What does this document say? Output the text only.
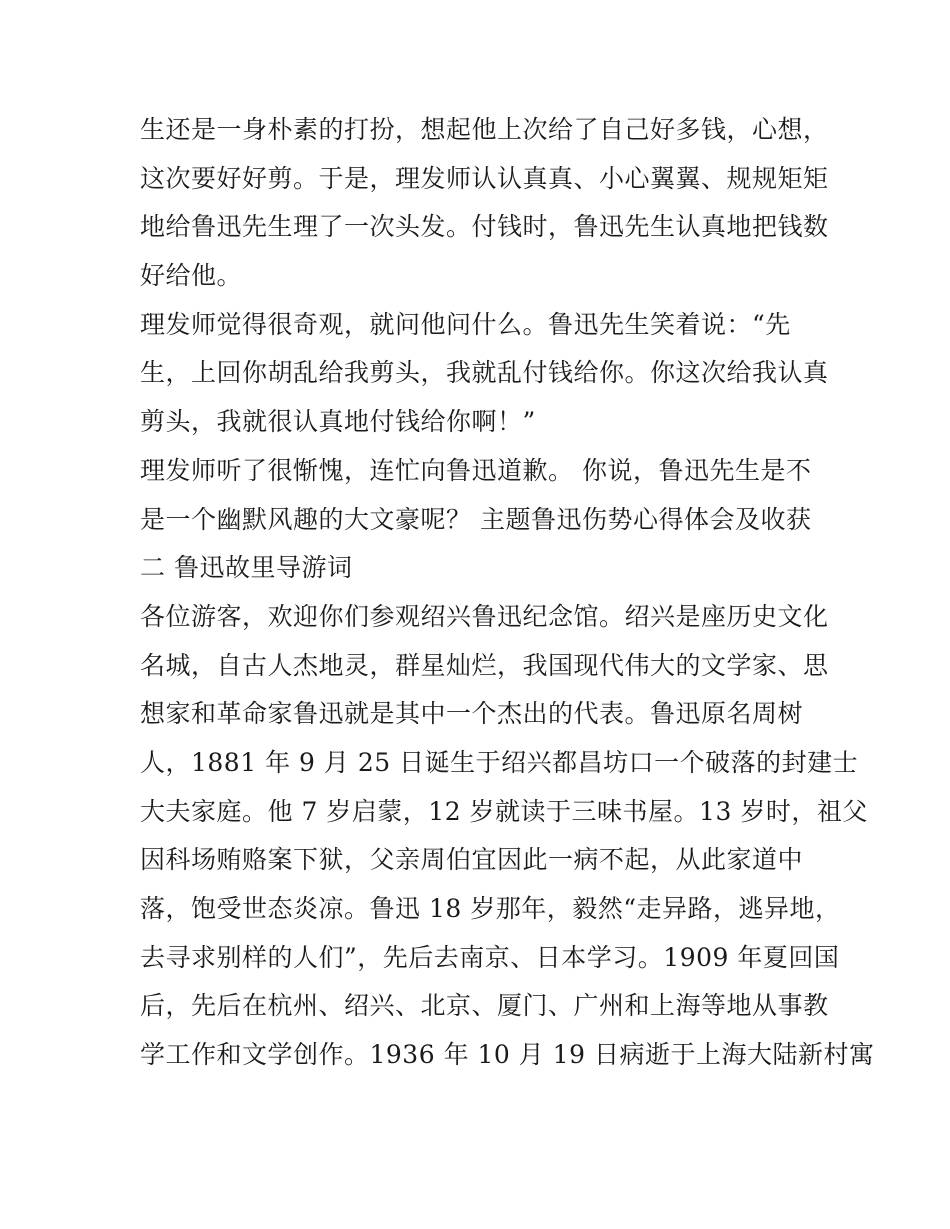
生还是一身朴素的打扮，想起他上次给了自己好多钱，心想，
这次要好好剪。于是，理发师认认真真、小心翼翼、规规矩矩
地给鲁迅先生理了一次头发。付钱时，鲁迅先生认真地把钱数
好给他。
理发师觉得很奇观，就问他问什么。鲁迅先生笑着说：“先
生，上回你胡乱给我剪头，我就乱付钱给你。你这次给我认真
剪头，我就很认真地付钱给你啊！”
理发师听了很惭愧，连忙向鲁迅道歉。 你说，鲁迅先生是不
是一个幽默风趣的大文豪呢？ 主题鲁迅伤势心得体会及收获
二 鲁迅故里导游词
各位游客，欢迎你们参观绍兴鲁迅纪念馆。绍兴是座历史文化
名城，自古人杰地灵，群星灿烂，我国现代伟大的文学家、思
想家和革命家鲁迅就是其中一个杰出的代表。鲁迅原名周树
人，1881 年 9 月 25 日诞生于绍兴都昌坊口一个破落的封建士
大夫家庭。他 7 岁启蒙，12 岁就读于三味书屋。13 岁时，祖父
因科场贿赂案下狱，父亲周伯宜因此一病不起，从此家道中
落，饱受世态炎凉。鲁迅 18 岁那年，毅然“走异路，逃异地，
去寻求别样的人们”，先后去南京、日本学习。1909 年夏回国
后，先后在杭州、绍兴、北京、厦门、广州和上海等地从事教
学工作和文学创作。1936 年 10 月 19 日病逝于上海大陆新村寓
